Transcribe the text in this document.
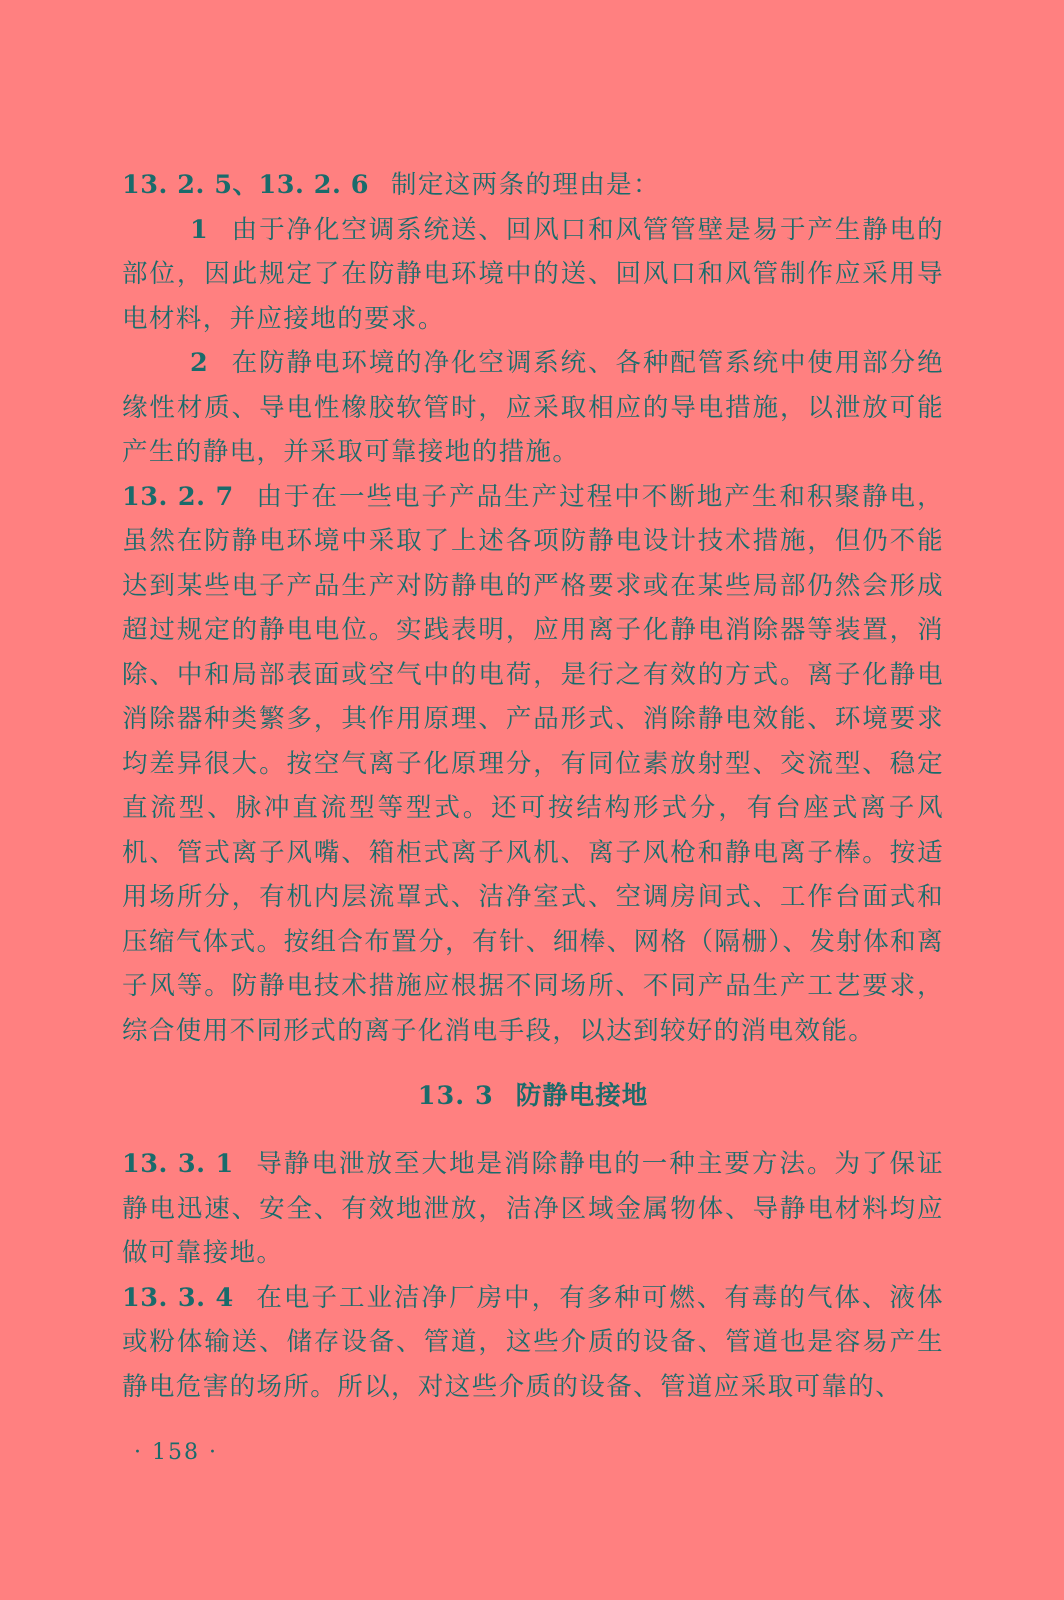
13. 2. 5、13. 2. 6 制定这两条的理由是：

1 由于净化空调系统送、回风口和风管管壁是易于产生静电的部位，因此规定了在防静电环境中的送、回风口和风管制作应采用导电材料，并应接地的要求。

2 在防静电环境的净化空调系统、各种配管系统中使用部分绝缘性材质、导电性橡胶软管时，应采取相应的导电措施，以泄放可能产生的静电，并采取可靠接地的措施。

13. 2. 7 由于在一些电子产品生产过程中不断地产生和积聚静电，虽然在防静电环境中采取了上述各项防静电设计技术措施，但仍不能达到某些电子产品生产对防静电的严格要求或在某些局部仍然会形成超过规定的静电电位。实践表明，应用离子化静电消除器等装置，消除、中和局部表面或空气中的电荷，是行之有效的方式。离子化静电消除器种类繁多，其作用原理、产品形式、消除静电效能、环境要求均差异很大。按空气离子化原理分，有同位素放射型、交流型、稳定直流型、脉冲直流型等型式。还可按结构形式分，有台座式离子风机、管式离子风嘴、箱柜式离子风机、离子风枪和静电离子棒。按适用场所分，有机内层流罩式、洁净室式、空调房间式、工作台面式和压缩气体式。按组合布置分，有针、细棒、网格（隔栅）、发射体和离子风等。防静电技术措施应根据不同场所、不同产品生产工艺要求，综合使用不同形式的离子化消电手段，以达到较好的消电效能。

13. 3 防静电接地

13. 3. 1 导静电泄放至大地是消除静电的一种主要方法。为了保证静电迅速、安全、有效地泄放，洁净区域金属物体、导静电材料均应做可靠接地。

13. 3. 4 在电子工业洁净厂房中，有多种可燃、有毒的气体、液体或粉体输送、储存设备、管道，这些介质的设备、管道也是容易产生静电危害的场所。所以，对这些介质的设备、管道应采取可靠的、

· 158 ·
